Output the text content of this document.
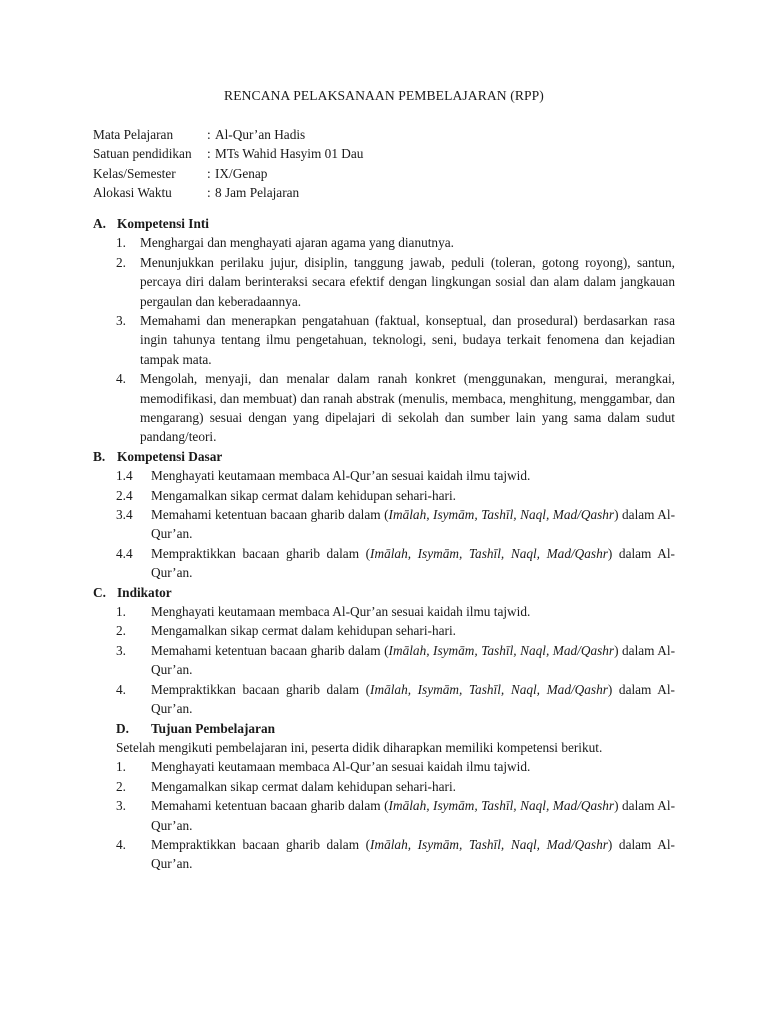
RENCANA PELAKSANAAN PEMBELAJARAN (RPP)
Mata Pelajaran	: Al-Qur’an Hadis
Satuan pendidikan	: MTs Wahid Hasyim 01 Dau
Kelas/Semester	: IX/Genap
Alokasi Waktu	: 8 Jam Pelajaran
A. Kompetensi Inti
1.	Menghargai dan menghayati ajaran agama yang dianutnya.
2.	Menunjukkan perilaku jujur, disiplin, tanggung jawab, peduli (toleran, gotong royong), santun, percaya diri dalam berinteraksi secara efektif dengan lingkungan sosial dan alam dalam jangkauan pergaulan dan keberadaannya.
3.	Memahami dan menerapkan pengatahuan (faktual, konseptual, dan prosedural) berdasarkan rasa ingin tahunya tentang ilmu pengetahuan, teknologi, seni, budaya terkait fenomena dan kejadian tampak mata.
4.	Mengolah, menyaji, dan menalar dalam ranah konkret (menggunakan, mengurai, merangkai, memodifikasi, dan membuat) dan ranah abstrak (menulis, membaca, menghitung, menggambar, dan mengarang) sesuai dengan yang dipelajari di sekolah dan sumber lain yang sama dalam sudut pandang/teori.
B. Kompetensi Dasar
1.4	Menghayati keutamaan membaca Al-Qur’an sesuai kaidah ilmu tajwid.
2.4	Mengamalkan sikap cermat dalam kehidupan sehari-hari.
3.4	Memahami ketentuan bacaan gharib dalam (Imālah, Isymām, Tashīl, Naql, Mad/Qashr) dalam Al-Qur’an.
4.4	Mempraktikkan bacaan gharib dalam (Imālah, Isymām, Tashīl, Naql, Mad/Qashr) dalam Al-Qur’an.
C. Indikator
1.	Menghayati keutamaan membaca Al-Qur’an sesuai kaidah ilmu tajwid.
2.	Mengamalkan sikap cermat dalam kehidupan sehari-hari.
3.	Memahami ketentuan bacaan gharib dalam (Imālah, Isymām, Tashīl, Naql, Mad/Qashr) dalam Al-Qur’an.
4.	Mempraktikkan bacaan gharib dalam (Imālah, Isymām, Tashīl, Naql, Mad/Qashr) dalam Al-Qur’an.
D.	Tujuan Pembelajaran
Setelah mengikuti pembelajaran ini, peserta didik diharapkan memiliki kompetensi berikut.
1.	Menghayati keutamaan membaca Al-Qur’an sesuai kaidah ilmu tajwid.
2.	Mengamalkan sikap cermat dalam kehidupan sehari-hari.
3.	Memahami ketentuan bacaan gharib dalam (Imālah, Isymām, Tashīl, Naql, Mad/Qashr) dalam Al-Qur’an.
4.	Mempraktikkan bacaan gharib dalam (Imālah, Isymām, Tashīl, Naql, Mad/Qashr) dalam Al-Qur’an.
